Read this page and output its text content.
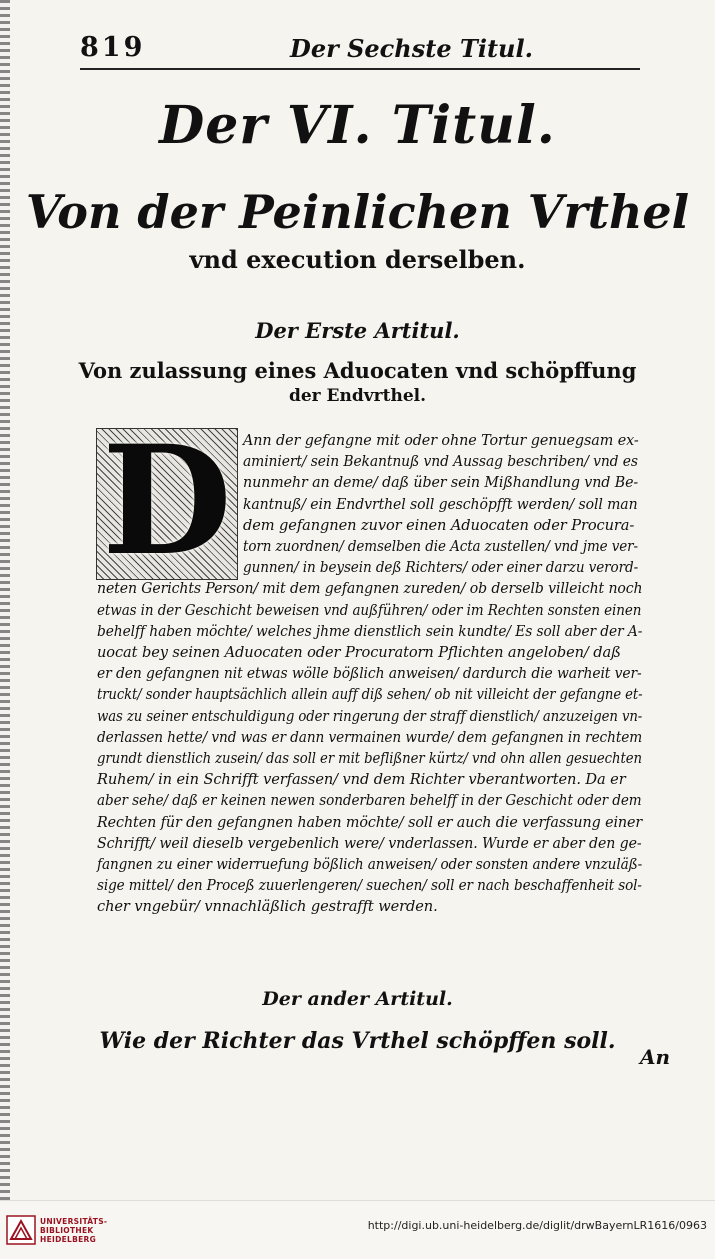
819	Der Sechste Titul.
Der VI. Titul.
Von der Peinlichen Vrthel
vnd execution derselben.
Der Erste Artitul.
Von zulassung eines Aduocaten vnd schöpffung
der Endvrthel.
D Ann der gefangne mit oder ohne Tortur genuegsam ex-
aminiert/ sein Bekantnuß vnd Aussag beschriben/ vnd es
nunmehr an deme/ daß über sein Mißhandlung vnd Be-
kantnuß/ ein Endvrthel soll geschöpfft werden/ soll man
dem gefangnen zuvor einen Aduocaten oder Procura-
torn zuordnen/ demselben die Acta zustellen/ vnd jme ver-
gunnen/ in beysein deß Richters/ oder einer darzu verord-
neten Gerichts Person/ mit dem gefangnen zureden/ ob derselb villeicht noch
etwas in der Geschicht beweisen vnd außführen/ oder im Rechten sonsten einen
behelff haben möchte/ welches jhme dienstlich sein kundte/ Es soll aber der A-
uocat bey seinen Aduocaten oder Procuratorn Pflichten angeloben/ daß
er den gefangnen nit etwas wölle bößlich anweisen/ dardurch die warheit ver-
truckt/ sonder hauptsächlich allein auff diß sehen/ ob nit villeicht der gefangne et-
was zu seiner entschuldigung oder ringerung der straff dienstlich/ anzuzeigen vn-
derlassen hette/ vnd was er dann vermainen wurde/ dem gefangnen in rechtem
grundt dienstlich zusein/ das soll er mit beflißner kürtz/ vnd ohn allen gesuechten
Ruhem/ in ein Schrifft verfassen/ vnd dem Richter vberantworten. Da er
aber sehe/ daß er keinen newen sonderbaren behelff in der Geschicht oder dem
Rechten für den gefangnen haben möchte/ soll er auch die verfassung einer
Schrifft/ weil dieselb vergebenlich were/ vnderlassen. Wurde er aber den ge-
fangnen zu einer widerruefung bößlich anweisen/ oder sonsten andere vnzuläß-
sige mittel/ den Proceß zuuerlengeren/ suechen/ soll er nach beschaffenheit sol-
cher vngebür/ vnnachläßlich gestrafft werden.
Der ander Artitul.
Wie der Richter das Vrthel schöpffen soll.
An
UNIVERSITÄTS-
BIBLIOTHEK
HEIDELBERG
http://digi.ub.uni-heidelberg.de/diglit/drwBayernLR1616/0963
